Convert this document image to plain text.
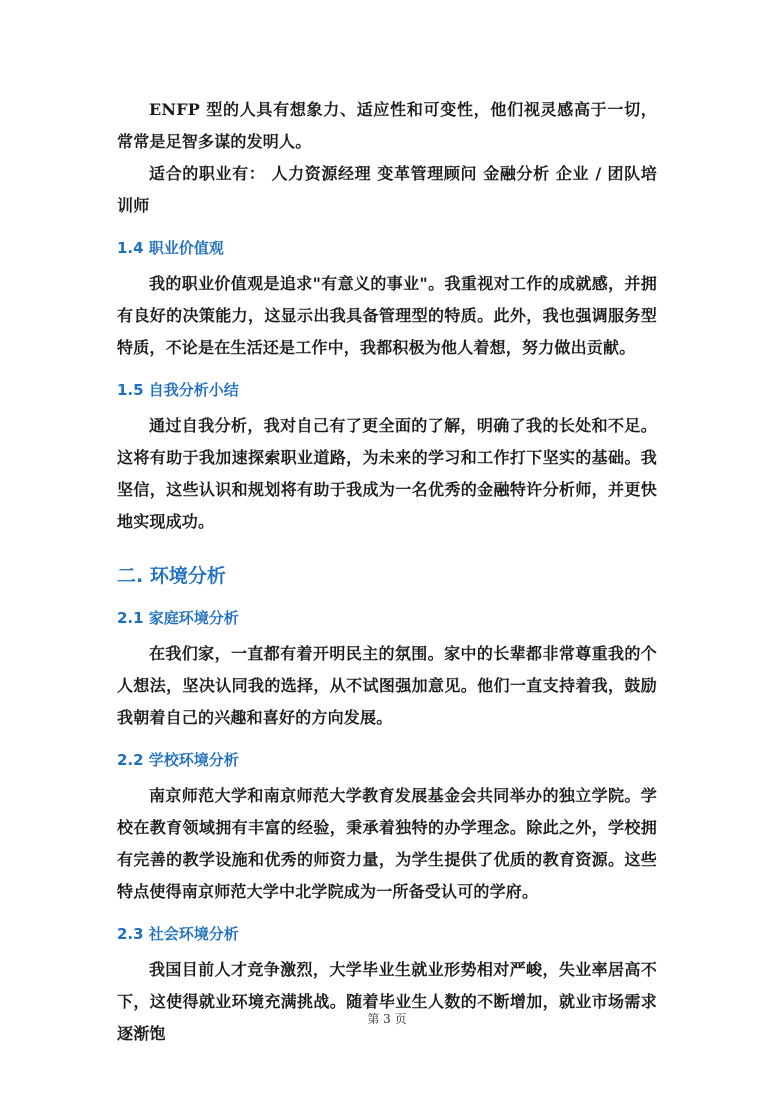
ENFP 型的人具有想象力、适应性和可变性，他们视灵感高于一切，常常是足智多谋的发明人。

适合的职业有： 人力资源经理 变革管理顾问 金融分析 企业 / 团队培训师

1.4 职业价值观

我的职业价值观是追求"有意义的事业"。我重视对工作的成就感，并拥有良好的决策能力，这显示出我具备管理型的特质。此外，我也强调服务型特质，不论是在生活还是工作中，我都积极为他人着想，努力做出贡献。

1.5 自我分析小结

通过自我分析，我对自己有了更全面的了解，明确了我的长处和不足。这将有助于我加速探索职业道路，为未来的学习和工作打下坚实的基础。我坚信，这些认识和规划将有助于我成为一名优秀的金融特许分析师，并更快地实现成功。

二. 环境分析
2.1 家庭环境分析

在我们家，一直都有着开明民主的氛围。家中的长辈都非常尊重我的个人想法，坚决认同我的选择，从不试图强加意见。他们一直支持着我，鼓励我朝着自己的兴趣和喜好的方向发展。

2.2 学校环境分析

南京师范大学和南京师范大学教育发展基金会共同举办的独立学院。学校在教育领域拥有丰富的经验，秉承着独特的办学理念。除此之外，学校拥有完善的教学设施和优秀的师资力量，为学生提供了优质的教育资源。这些特点使得南京师范大学中北学院成为一所备受认可的学府。

2.3 社会环境分析

我国目前人才竞争激烈，大学毕业生就业形势相对严峻，失业率居高不下，这使得就业环境充满挑战。随着毕业生人数的不断增加，就业市场需求逐渐饱

第 3 页
